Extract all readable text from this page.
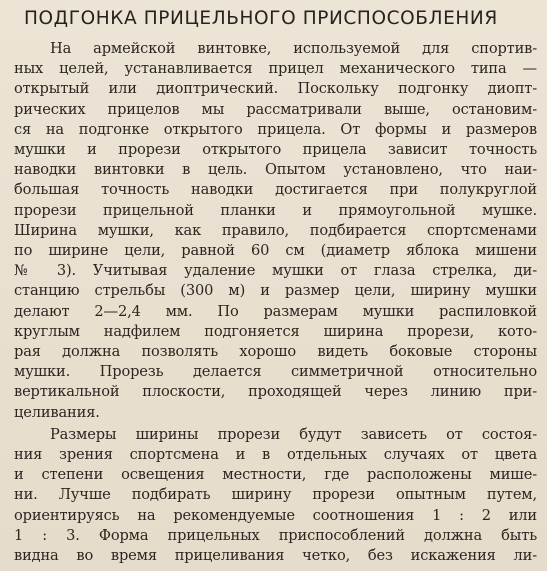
ПОДГОНКА ПРИЦЕЛЬНОГО ПРИСПОСОБЛЕНИЯ

На армейской винтовке, используемой для спортив-
ных целей, устанавливается прицел механического типа —
открытый или диоптрический. Поскольку подгонку диопт-
рических прицелов мы рассматривали выше, остановим-
ся на подгонке открытого прицела. От формы и размеров
мушки и прорези открытого прицела зависит точность
наводки винтовки в цель. Опытом установлено, что наи-
большая точность наводки достигается при полукруглой
прорези прицельной планки и прямоугольной мушке.
Ширина мушки, как правило, подбирается спортсменами
по ширине цели, равной 60 см (диаметр яблока мишени
№ 3). Учитывая удаление мушки от глаза стрелка, ди-
станцию стрельбы (300 м) и размер цели, ширину мушки
делают 2—2,4 мм. По размерам мушки распиловкой
круглым надфилем подгоняется ширина прорези, кото-
рая должна позволять хорошо видеть боковые стороны
мушки. Прорезь делается симметричной относительно
вертикальной плоскости, проходящей через линию при-
целивания.

Размеры ширины прорези будут зависеть от состоя-
ния зрения спортсмена и в отдельных случаях от цвета
и степени освещения местности, где расположены мише-
ни. Лучше подбирать ширину прорези опытным путем,
ориентируясь на рекомендуемые соотношения 1 : 2 или
1 : 3. Форма прицельных приспособлений должна быть
видна во время прицеливания четко, без искажения ли-
